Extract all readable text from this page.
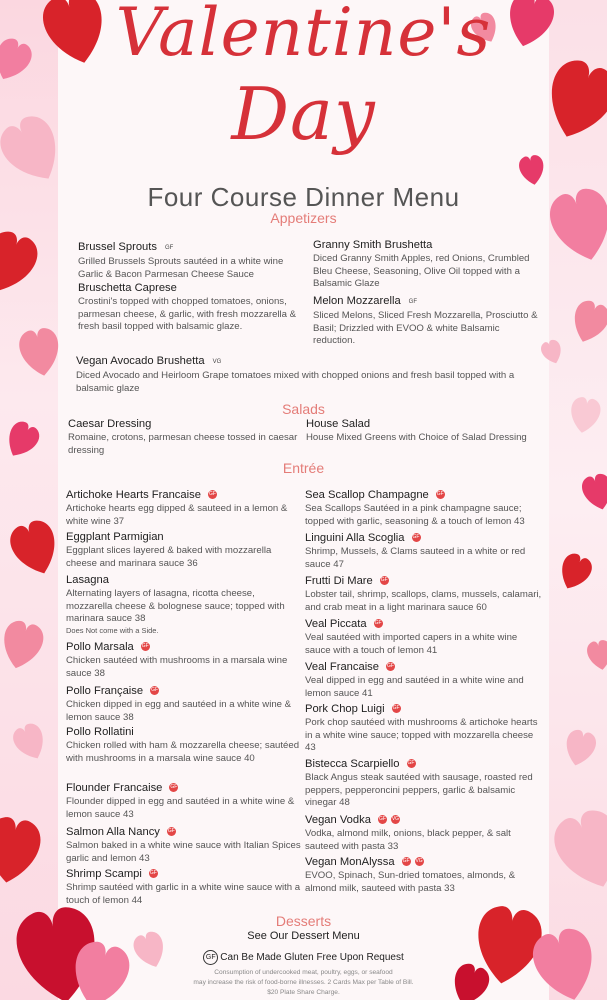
Valentine's
Day
Four Course Dinner Menu
Appetizers
Brussel Sprouts GF
Grilled Brussels Sprouts sautéed in a white wine Garlic & Bacon Parmesan Cheese Sauce
Bruschetta Caprese
Crostini's topped with chopped tomatoes, onions, parmesan cheese, & garlic, with fresh mozzarella & fresh basil topped with balsamic glaze.
Granny Smith Brushetta
Diced Granny Smith Apples, red Onions, Crumbled Bleu Cheese, Seasoning, Olive Oil topped with a Balsamic Glaze
Melon Mozzarella GF
Sliced Melons, Sliced Fresh Mozzarella, Prosciutto & Basil; Drizzled with EVOO & white Balsamic reduction.
Vegan Avocado Brushetta VG
Diced Avocado and Heirloom Grape tomatoes mixed with chopped onions and fresh basil topped with a balsamic glaze
Salads
Caesar Dressing
Romaine, crotons, parmesan cheese tossed in caesar dressing
House Salad
House Mixed Greens with Choice of Salad Dressing
Entrée
Artichoke Hearts Francaise GF
Artichoke hearts egg dipped & sauteed in a lemon & white wine 37
Eggplant Parmigian
Eggplant slices layered & baked with mozzarella cheese and marinara sauce 36
Lasagna
Alternating layers of lasagna, ricotta cheese, mozzarella cheese & bolognese sauce; topped with marinara sauce 38
Does Not come with a Side.
Pollo Marsala GF
Chicken sautéed with mushrooms in a marsala wine sauce 38
Pollo Française GF
Chicken dipped in egg and sautéed in a white wine & lemon sauce 38
Pollo Rollatini
Chicken rolled with ham & mozzarella cheese; sautéed with mushrooms in a marsala wine sauce 40
Flounder Francaise GF
Flounder dipped in egg and sautéed in a white wine & lemon sauce 43
Salmon Alla Nancy GF
Salmon baked in a white wine sauce with Italian Spices garlic and lemon 43
Shrimp Scampi GF
Shrimp sautéed with garlic in a white wine sauce with a touch of lemon 44
Sea Scallop Champagne GF
Sea Scallops Sautéed in a pink champagne sauce; topped with garlic, seasoning & a touch of lemon 43
Linguini Alla Scoglia GF
Shrimp, Mussels, & Clams sauteed in a white or red sauce 47
Frutti Di Mare GF
Lobster tail, shrimp, scallops, clams, mussels, calamari, and crab meat in a light marinara sauce 60
Veal Piccata GF
Veal sautéed with imported capers in a white wine sauce with a touch of lemon 41
Veal Francaise GF
Veal dipped in egg and sautéed in a white wine and lemon sauce 41
Pork Chop Luigi GF
Pork chop sautéed with mushrooms & artichoke hearts in a white wine sauce; topped with mozzarella cheese 43
Bistecca Scarpiello GF
Black Angus steak sautéed with sausage, roasted red peppers, pepperoncini peppers, garlic & balsamic vinegar 48
Vegan Vodka GF VG
Vodka, almond milk, onions, black pepper, & salt sauteed with pasta 33
Vegan MonAlyssa GF VG
EVOO, Spinach, Sun-dried tomatoes, almonds, & almond milk, sauteed with pasta 33
Desserts
See Our Dessert Menu
GF Can Be Made Gluten Free Upon Request
Consumption of undercooked meat, poultry, eggs, or seafood
may increase the risk of food-borne illnesses. 2 Cards Max per Table of Bill.
$20 Plate Share Charge.
